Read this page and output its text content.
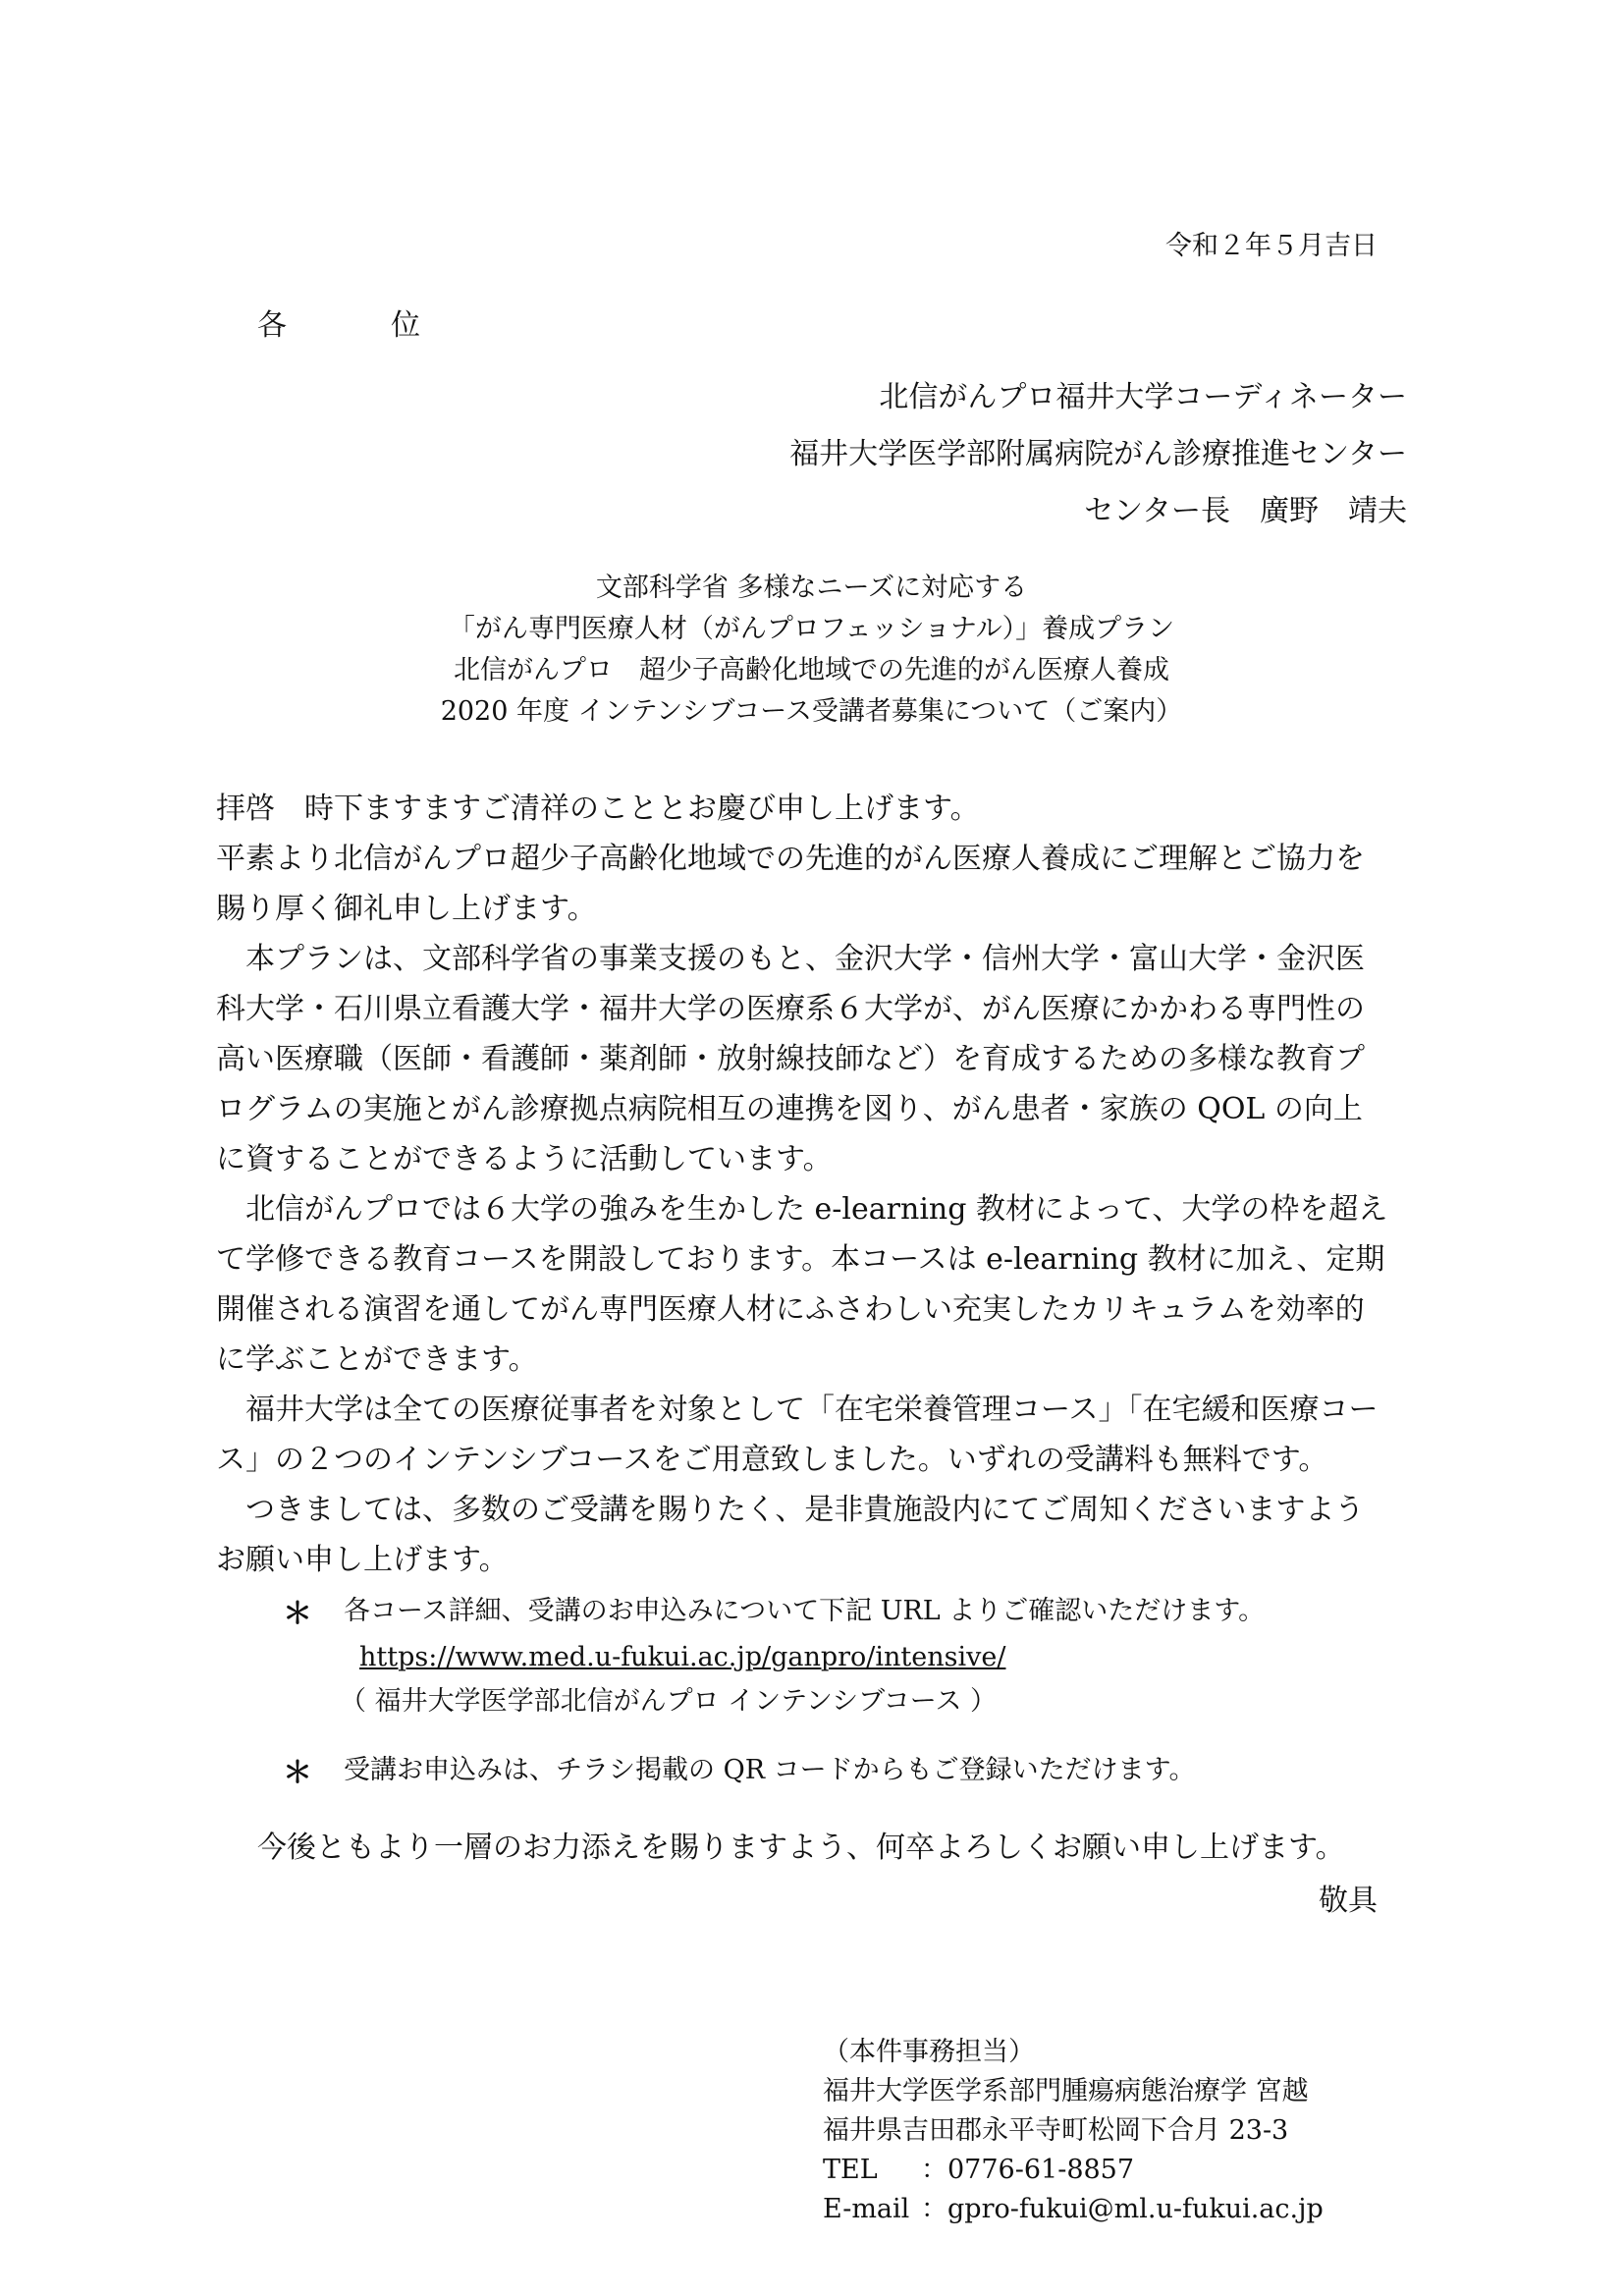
令和２年５月吉日
各　位
北信がんプロ福井大学コーディネーター
福井大学医学部附属病院がん診療推進センター
センター長　廣野　靖夫
文部科学省 多様なニーズに対応する
「がん専門医療人材（がんプロフェッショナル）」養成プラン
北信がんプロ　超少子高齢化地域での先進的がん医療人養成
2020 年度 インテンシブコース受講者募集について（ご案内）

拝啓　時下ますますご清祥のこととお慶び申し上げます。

平素より北信がんプロ超少子高齢化地域での先進的がん医療人養成にご理解とご協力を

賜り厚く御礼申し上げます。

　本プランは、文部科学省の事業支援のもと、金沢大学・信州大学・富山大学・金沢医

科大学・石川県立看護大学・福井大学の医療系６大学が、がん医療にかかわる専門性の

高い医療職（医師・看護師・薬剤師・放射線技師など）を育成するための多様な教育プ

ログラムの実施とがん診療拠点病院相互の連携を図り、がん患者・家族の QOL の向上

に資することができるように活動しています。

　北信がんプロでは６大学の強みを生かした e-learning 教材によって、大学の枠を超え

て学修できる教育コースを開設しております。本コースは e-learning 教材に加え、定期

開催される演習を通してがん専門医療人材にふさわしい充実したカリキュラムを効率的

に学ぶことができます。

　福井大学は全ての医療従事者を対象として「在宅栄養管理コース」「在宅緩和医療コー

ス」の２つのインテンシブコースをご用意致しました。いずれの受講料も無料です。

　つきましては、多数のご受講を賜りたく、是非貴施設内にてご周知くださいますよう

お願い申し上げます。

＊ 各コース詳細、受講のお申込みについて下記 URL よりご確認いただけます。
https://www.med.u-fukui.ac.jp/ganpro/intensive/
（ 福井大学医学部北信がんプロ インテンシブコース ）
＊ 受講お申込みは、チラシ掲載の QR コードからもご登録いただけます。
今後ともより一層のお力添えを賜りますよう、何卒よろしくお願い申し上げます。
敬具
（本件事務担当）
福井大学医学系部門腫瘍病態治療学 宮越
福井県吉田郡永平寺町松岡下合月 23-3
TEL ：0776-61-8857
E-mail ：gpro-fukui@ml.u-fukui.ac.jp
